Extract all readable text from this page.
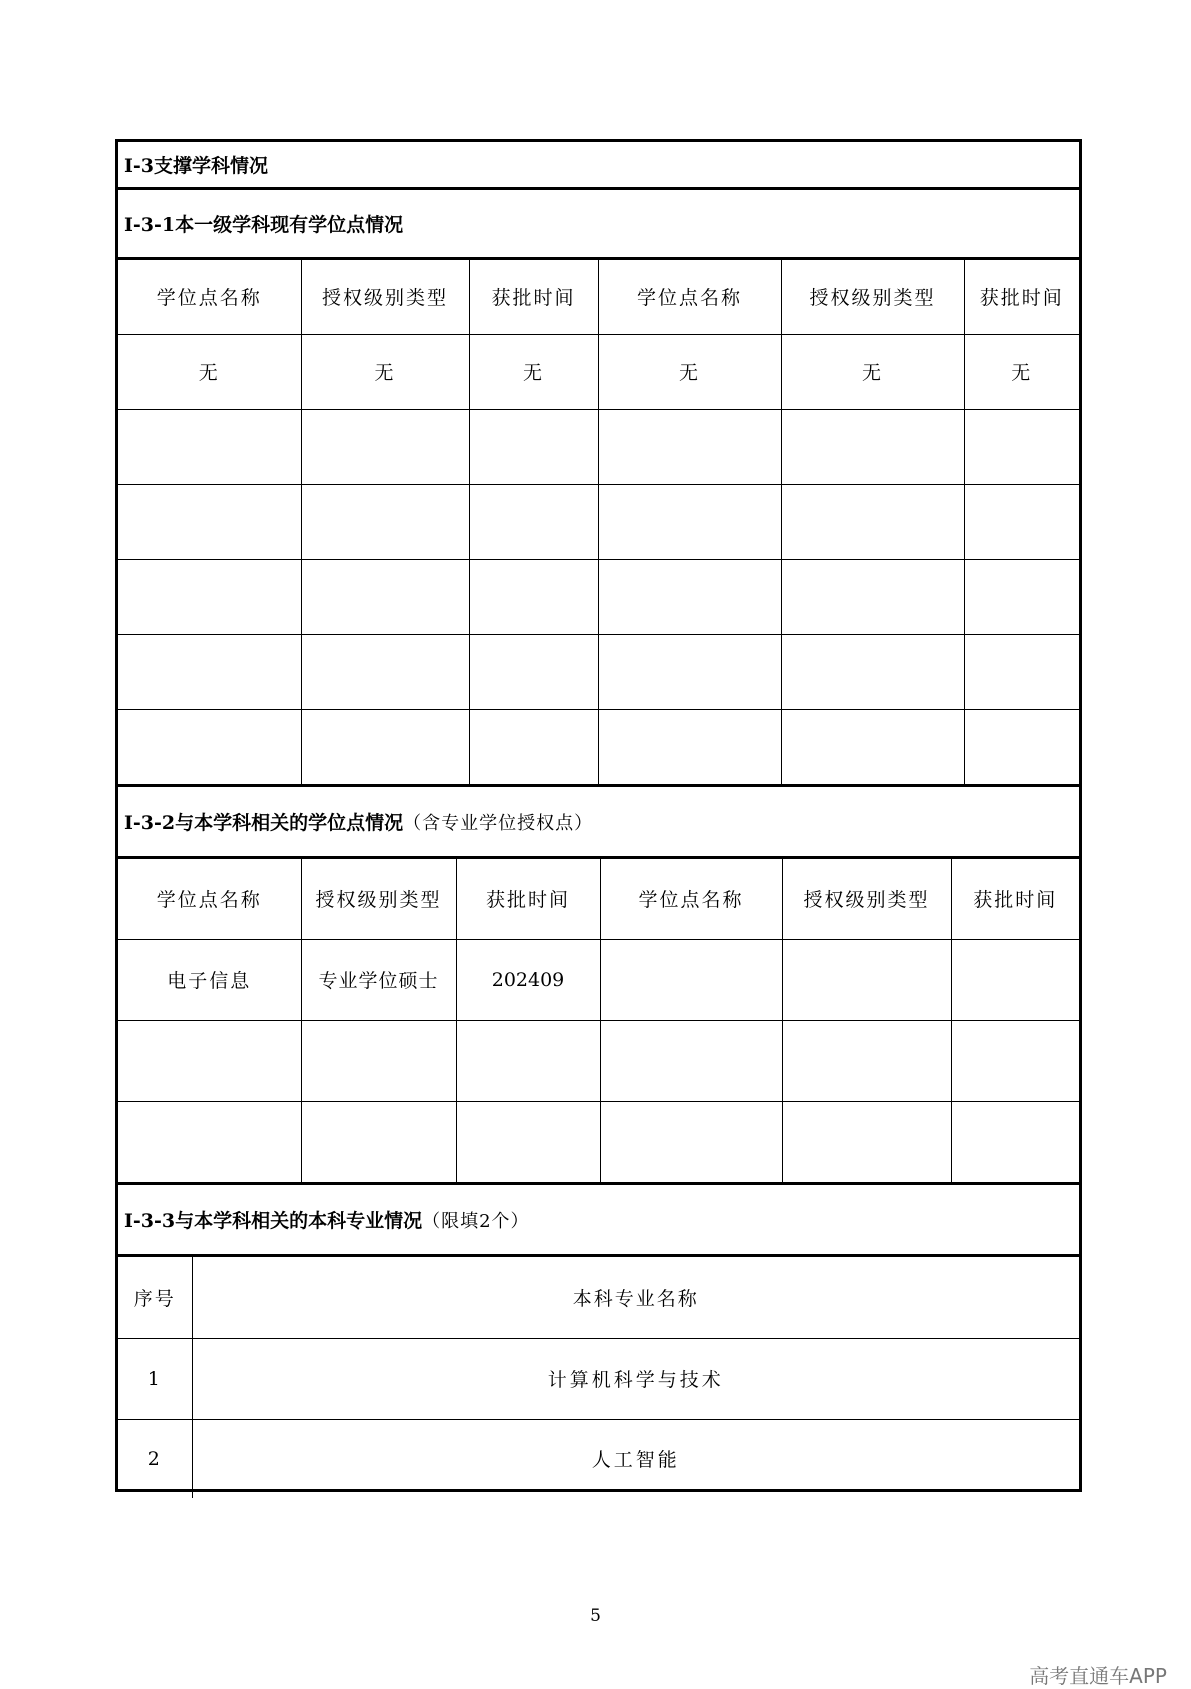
I-3支撑学科情况
I-3-1本一级学科现有学位点情况
学位点名称	授权级别类型	获批时间	学位点名称	授权级别类型	获批时间
无	无	无	无	无	无

I-3-2与本学科相关的学位点情况 （含专业学位授权点）
学位点名称	授权级别类型	获批时间	学位点名称	授权级别类型	获批时间
电子信息	专业学位硕士	202409			

I-3-3与本学科相关的本科专业情况 （限填2个）
序号	本科专业名称
1	计算机科学与技术
2	人工智能
5
高考直通车APP
